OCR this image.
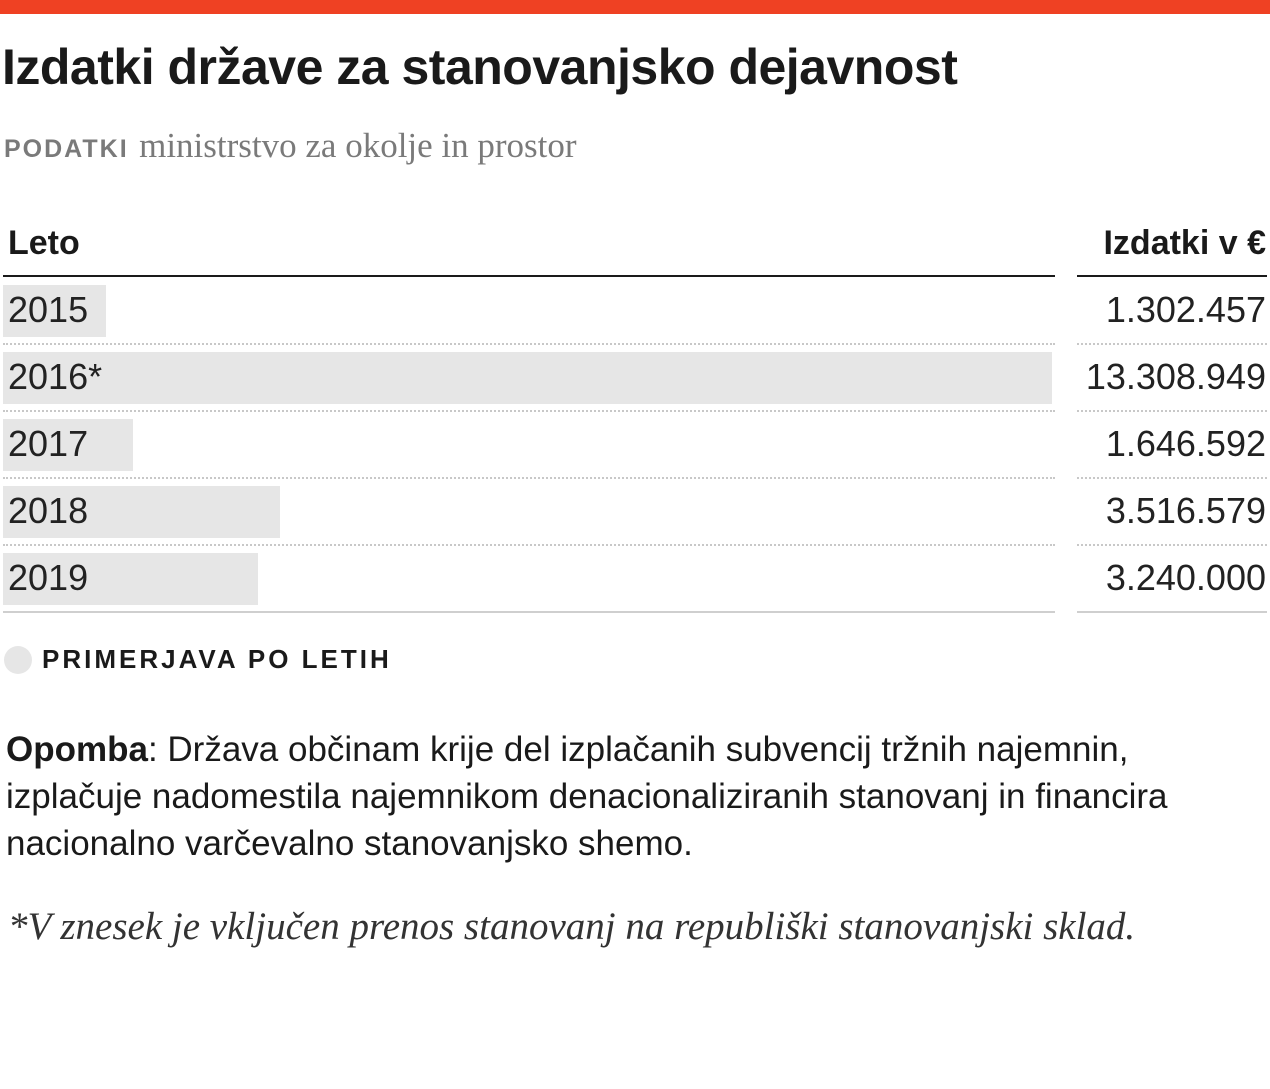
Izdatki države za stanovanjsko dejavnost
PODATKI ministrstvo za okolje in prostor
Leto	Izdatki v €
2015	1.302.457
2016*	13.308.949
2017	1.646.592
2018	3.516.579
2019	3.240.000
PRIMERJAVA PO LETIH
Opomba: Država občinam krije del izplačanih subvencij tržnih najemnin, izplačuje nadomestila najemnikom denacionaliziranih stanovanj in financira nacionalno varčevalno stanovanjsko shemo.
*V znesek je vključen prenos stanovanj na republiški stanovanjski sklad.
